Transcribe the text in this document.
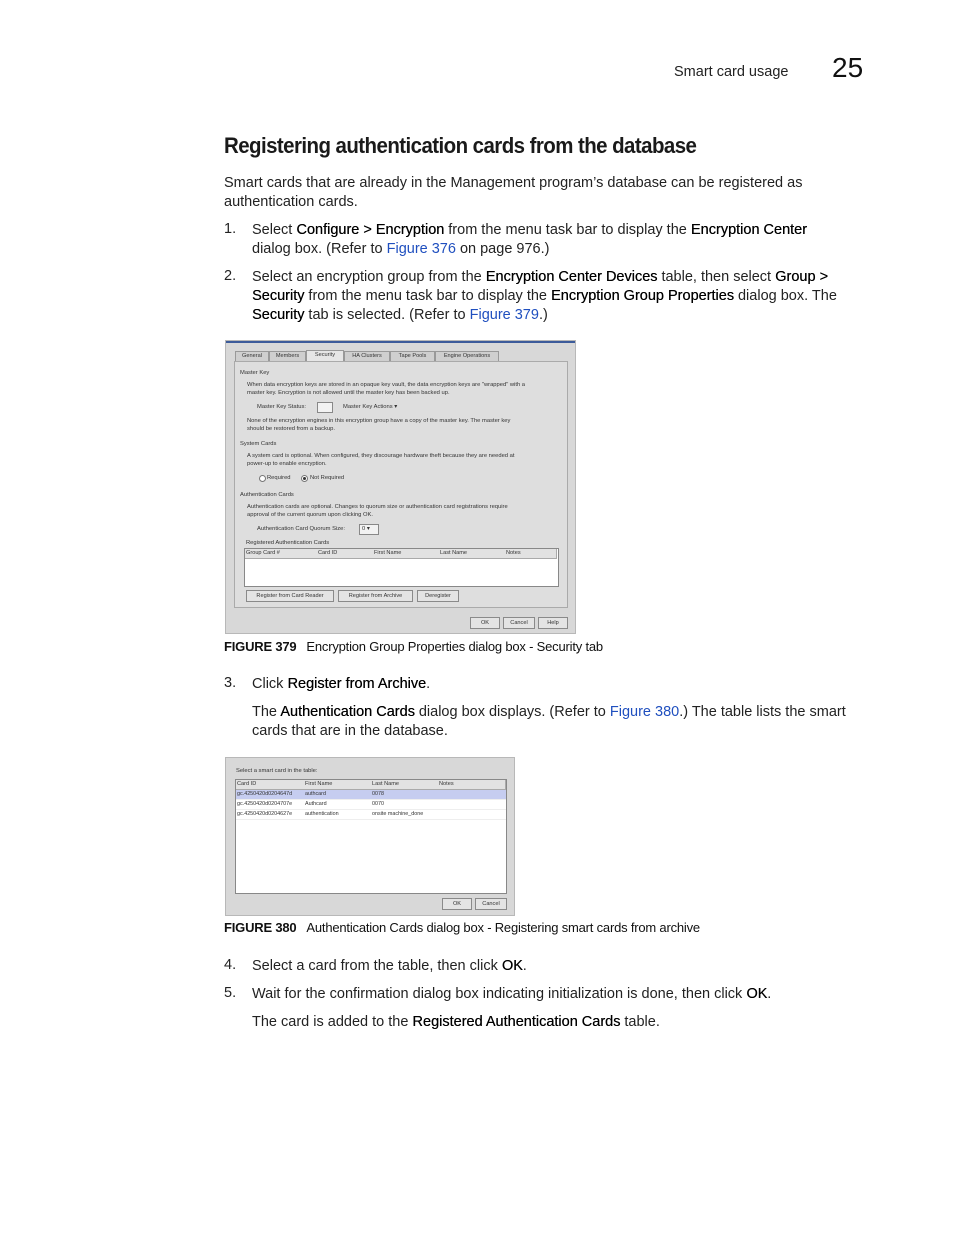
Smart card usage 25
Registering authentication cards from the database
Smart cards that are already in the Management program’s database can be registered as authentication cards.
1. Select Configure > Encryption from the menu task bar to display the Encryption Center
dialog box. (Refer to Figure 376 on page 976.)
2. Select an encryption group from the Encryption Center Devices table, then select Group >
Security from the menu task bar to display the Encryption Group Properties dialog box. The
Security tab is selected. (Refer to Figure 379.)
General	Members	Security	HA Clusters	Tape Pools	Engine Operations
Master Key
When data encryption keys are stored in an opaque key vault, the data encryption keys are "wrapped" with a
master key. Encryption is not allowed until the master key has been backed up.
Master Key Status:	Master Key Actions ▾
None of the encryption engines in this encryption group have a copy of the master key. The master key
should be restored from a backup.
System Cards
A system card is optional. When configured, they discourage hardware theft because they are needed at
power-up to enable encryption.
Required	Not Required
Authentication Cards
Authentication cards are optional. Changes to quorum size or authentication card registrations require
approval of the current quorum upon clicking OK.
Authentication Card Quorum Size:	0 ▾
Registered Authentication Cards
Group Card #	Card ID	First Name	Last Name	Notes
Register from Card Reader	Register from Archive	Deregister
OK	Cancel	Help
FIGURE 379 Encryption Group Properties dialog box - Security tab
3. Click Register from Archive.
The Authentication Cards dialog box displays. (Refer to Figure 380.) The table lists the smart
cards that are in the database.
Select a smart card in the table:
Card ID	First Name	Last Name	Notes
gc.4250420d0204647d authcard	0078
gc.4250420d0204707e Authcard	0070
gc.4250420d0204627e authentication	onsite machine_done
OK	Cancel
FIGURE 380 Authentication Cards dialog box - Registering smart cards from archive
4. Select a card from the table, then click OK.
5. Wait for the confirmation dialog box indicating initialization is done, then click OK.
The card is added to the Registered Authentication Cards table.
